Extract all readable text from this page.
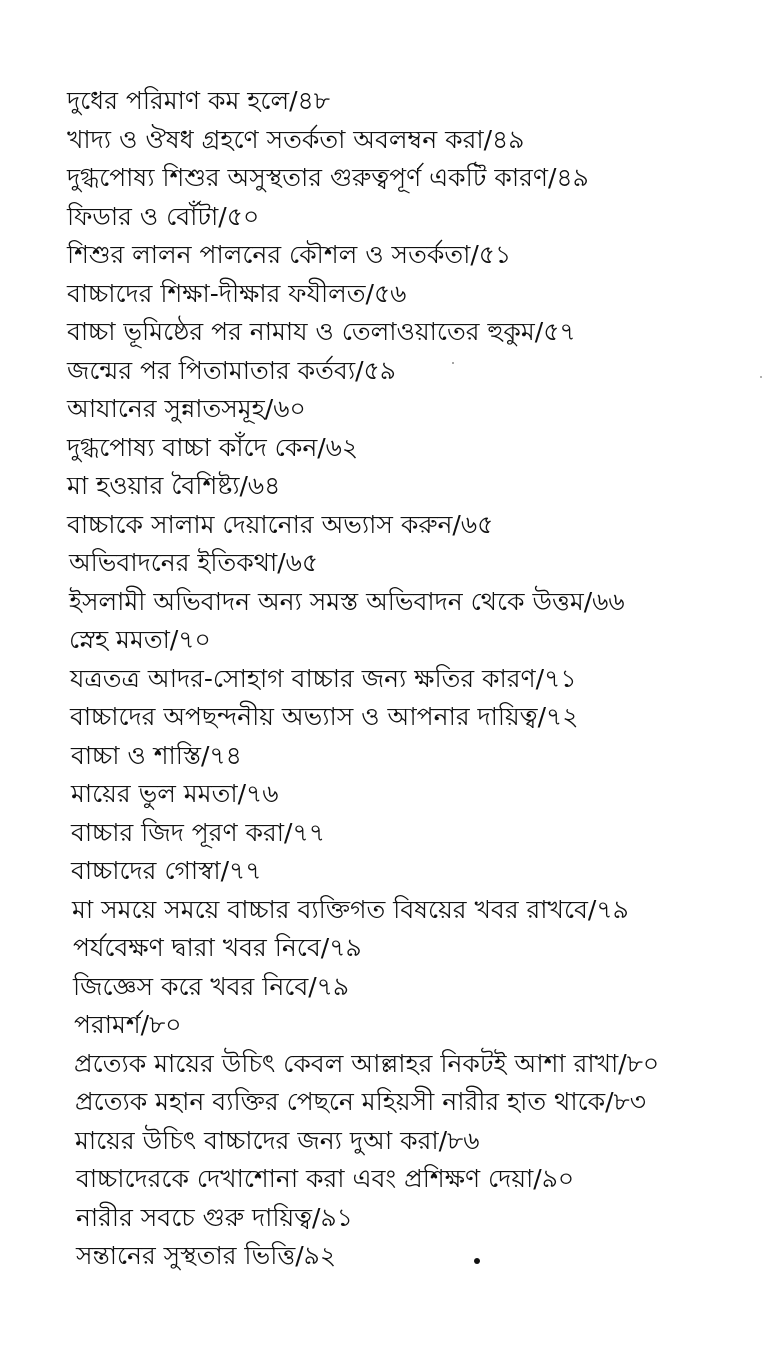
দুধের পরিমাণ কম হলে/৪৮
খাদ্য ও ঔষধ গ্রহণে সতর্কতা অবলম্বন করা/৪৯
দুগ্ধপোষ্য শিশুর অসুস্থতার গুরুত্বপূর্ণ একটি কারণ/৪৯
ফিডার ও বোঁটা/৫০
শিশুর লালন পালনের কৌশল ও সতর্কতা/৫১
বাচ্চাদের শিক্ষা-দীক্ষার ফযীলত/৫৬
বাচ্চা ভূমিষ্ঠের পর নামায ও তেলাওয়াতের হুকুম/৫৭
জন্মের পর পিতামাতার কর্তব্য/৫৯
আযানের সুন্নাতসমূহ/৬০
দুগ্ধপোষ্য বাচ্চা কাঁদে কেন/৬২
মা হওয়ার বৈশিষ্ট্য/৬৪
বাচ্চাকে সালাম দেয়ানোর অভ্যাস করুন/৬৫
অভিবাদনের ইতিকথা/৬৫
ইসলামী অভিবাদন অন্য সমস্ত অভিবাদন থেকে উত্তম/৬৬
স্নেহ মমতা/৭০
যত্রতত্র আদর-সোহাগ বাচ্চার জন্য ক্ষতির কারণ/৭১
বাচ্চাদের অপছন্দনীয় অভ্যাস ও আপনার দায়িত্ব/৭২
বাচ্চা ও শাস্তি/৭৪
মায়ের ভুল মমতা/৭৬
বাচ্চার জিদ পূরণ করা/৭৭
বাচ্চাদের গোস্বা/৭৭
মা সময়ে সময়ে বাচ্চার ব্যক্তিগত বিষয়ের খবর রাখবে/৭৯
পর্যবেক্ষণ দ্বারা খবর নিবে/৭৯
জিজ্ঞেস করে খবর নিবে/৭৯
পরামর্শ/৮০
প্রত্যেক মায়ের উচিৎ কেবল আল্লাহর নিকটই আশা রাখা/৮০
প্রত্যেক মহান ব্যক্তির পেছনে মহিয়সী নারীর হাত থাকে/৮৩
মায়ের উচিৎ বাচ্চাদের জন্য দুআ করা/৮৬
বাচ্চাদেরকে দেখাশোনা করা এবং প্রশিক্ষণ দেয়া/৯০
নারীর সবচে গুরু দায়িত্ব/৯১
সন্তানের সুস্থতার ভিত্তি/৯২
